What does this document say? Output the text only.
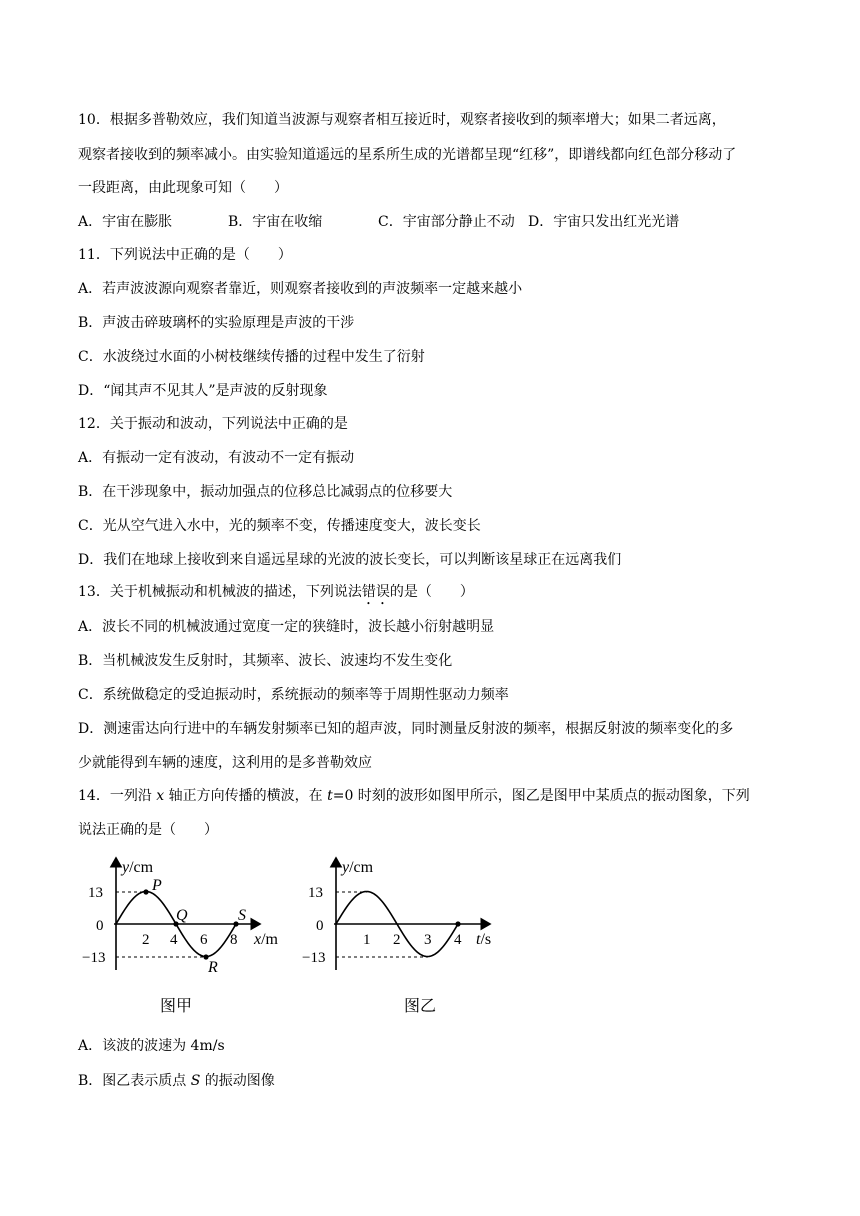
10．根据多普勒效应，我们知道当波源与观察者相互接近时，观察者接收到的频率增大；如果二者远离，
观察者接收到的频率减小。由实验知道遥远的星系所生成的光谱都呈现“红移”，即谱线都向红色部分移动了
一段距离，由此现象可知（　　）
A．宇宙在膨胀	B．宇宙在收缩	C．宇宙部分静止不动 D．宇宙只发出红光光谱
11．下列说法中正确的是（　　）
A．若声波波源向观察者靠近，则观察者接收到的声波频率一定越来越小
B．声波击碎玻璃杯的实验原理是声波的干涉
C．水波绕过水面的小树枝继续传播的过程中发生了衍射
D．“闻其声不见其人”是声波的反射现象
12．关于振动和波动，下列说法中正确的是
A．有振动一定有波动，有波动不一定有振动
B．在干涉现象中，振动加强点的位移总比减弱点的位移要大
C．光从空气进入水中，光的频率不变，传播速度变大，波长变长
D．我们在地球上接收到来自遥远星球的光波的波长变长，可以判断该星球正在远离我们
13．关于机械振动和机械波的描述，下列说法错误的是（　　）
A．波长不同的机械波通过宽度一定的狭缝时，波长越小衍射越明显
B．当机械波发生反射时，其频率、波长、波速均不发生变化
C．系统做稳定的受迫振动时，系统振动的频率等于周期性驱动力频率
D．测速雷达向行进中的车辆发射频率已知的超声波，同时测量反射波的频率，根据反射波的频率变化的多
少就能得到车辆的速度，这利用的是多普勒效应
14．一列沿 x 轴正方向传播的横波，在 t=0 时刻的波形如图甲所示，图乙是图甲中某质点的振动图象，下列
说法正确的是（　　）
13
0
−13
2 4 6 8
y/cm
x/m
P
Q
R
S
13
0
−13
1 2 3 4
y/cm
t/s
图甲	图乙
A．该波的波速为 4m/s
B．图乙表示质点 S 的振动图像
